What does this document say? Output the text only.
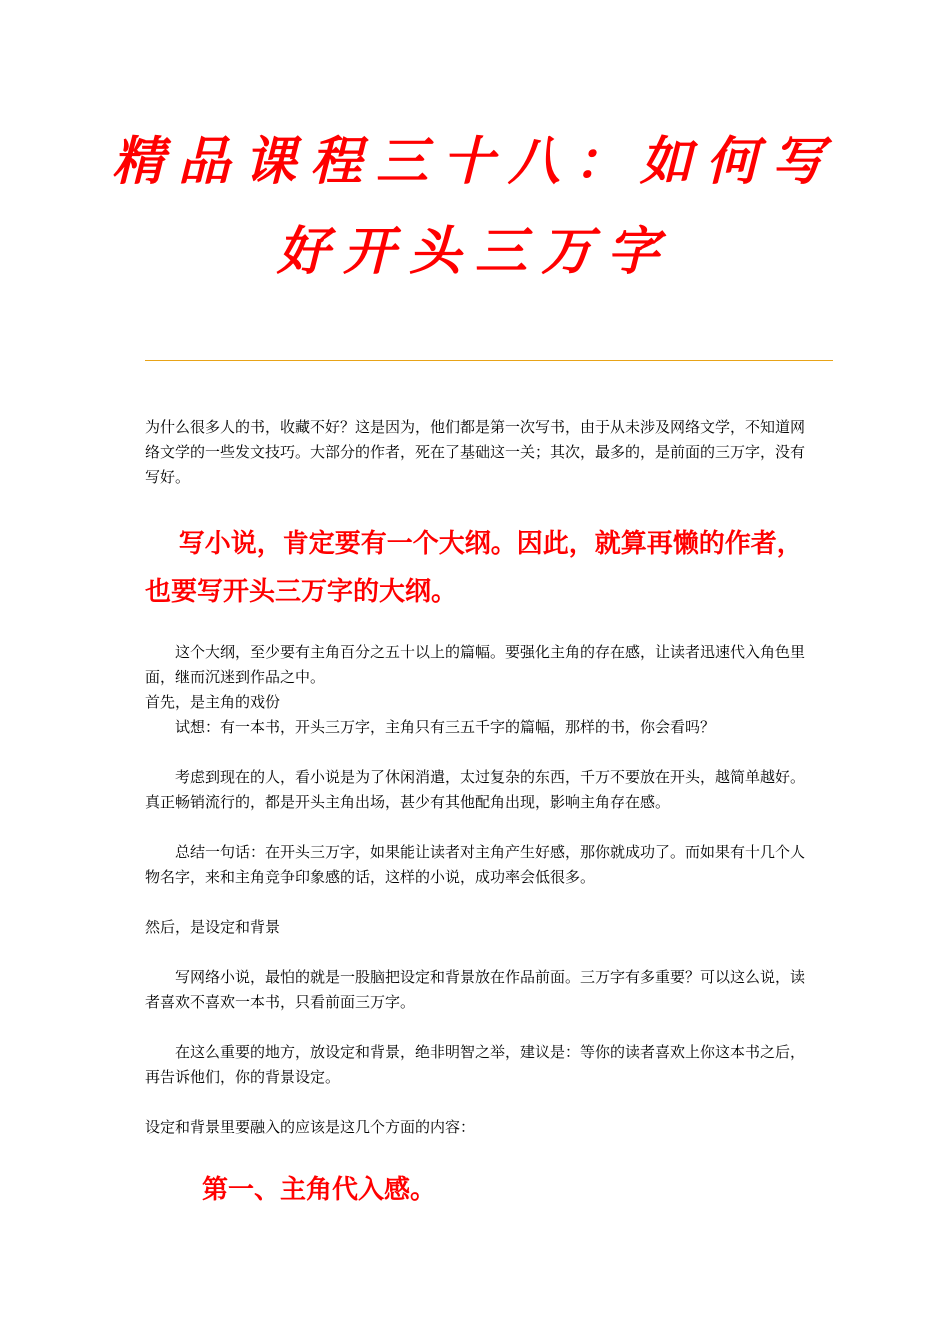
精品课程三十八：如何写
好开头三万字

为什么很多人的书，收藏不好？这是因为，他们都是第一次写书，由于从未涉及网络文学，不知道网络文学的一些发文技巧。大部分的作者，死在了基础这一关；其次，最多的，是前面的三万字，没有写好。

写小说，肯定要有一个大纲。因此，就算再懒的作者，也要写开头三万字的大纲。

这个大纲，至少要有主角百分之五十以上的篇幅。要强化主角的存在感，让读者迅速代入角色里面，继而沉迷到作品之中。

首先，是主角的戏份

试想：有一本书，开头三万字，主角只有三五千字的篇幅，那样的书，你会看吗？

考虑到现在的人，看小说是为了休闲消遣，太过复杂的东西，千万不要放在开头，越简单越好。真正畅销流行的，都是开头主角出场，甚少有其他配角出现，影响主角存在感。

总结一句话：在开头三万字，如果能让读者对主角产生好感，那你就成功了。而如果有十几个人物名字，来和主角竞争印象感的话，这样的小说，成功率会低很多。

然后，是设定和背景

写网络小说，最怕的就是一股脑把设定和背景放在作品前面。三万字有多重要？可以这么说，读者喜欢不喜欢一本书，只看前面三万字。

在这么重要的地方，放设定和背景，绝非明智之举，建议是：等你的读者喜欢上你这本书之后，再告诉他们，你的背景设定。

设定和背景里要融入的应该是这几个方面的内容：

第一、主角代入感。
